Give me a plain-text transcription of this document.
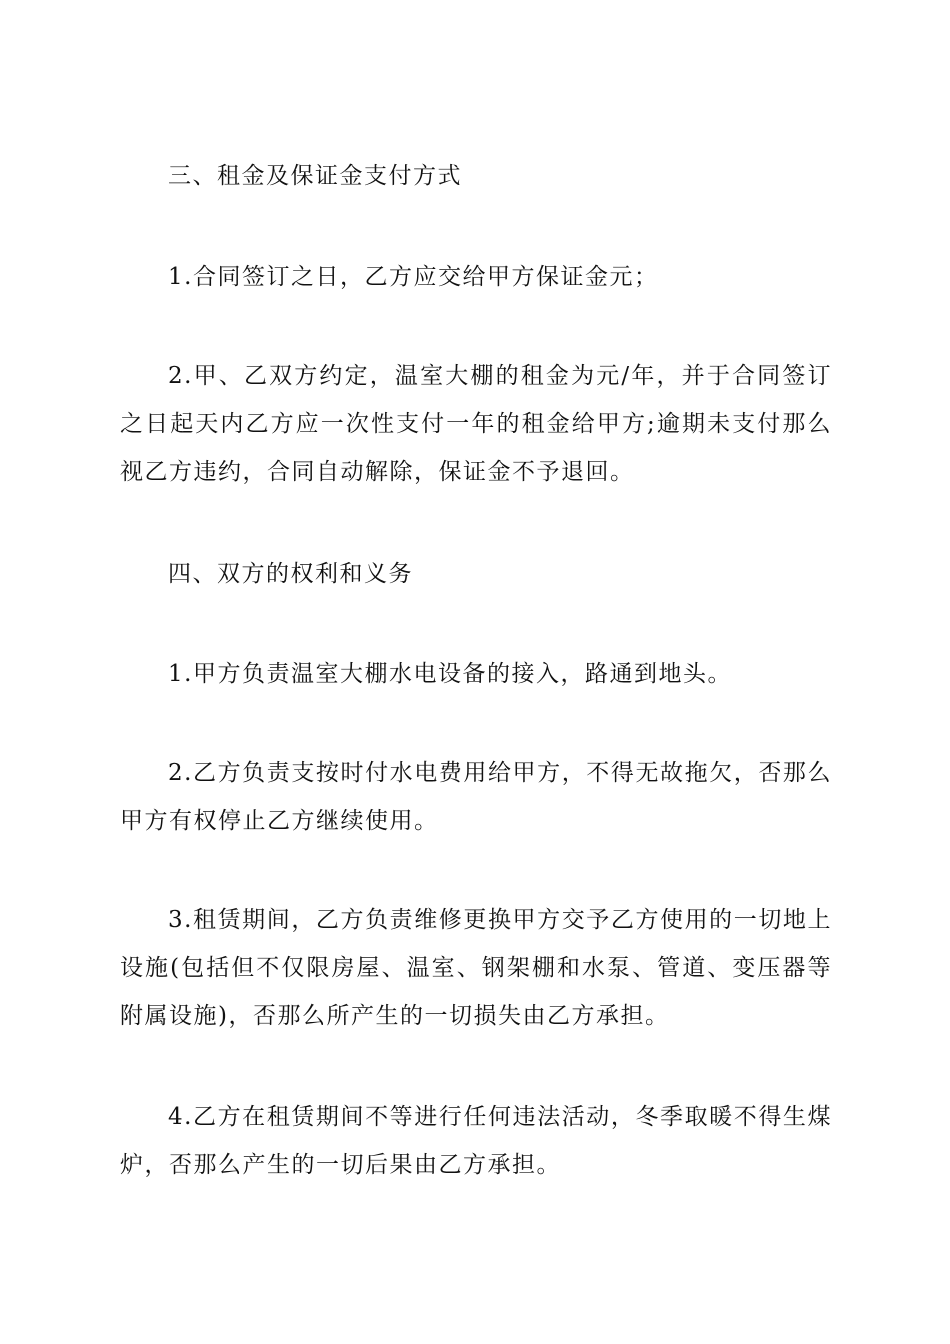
三、租金及保证金支付方式

1.合同签订之日，乙方应交给甲方保证金元；

2.甲、乙双方约定，温室大棚的租金为元/年，并于合同签订之日起天内乙方应一次性支付一年的租金给甲方;逾期未支付那么视乙方违约，合同自动解除，保证金不予退回。

四、双方的权利和义务

1.甲方负责温室大棚水电设备的接入，路通到地头。

2.乙方负责支按时付水电费用给甲方，不得无故拖欠，否那么甲方有权停止乙方继续使用。

3.租赁期间，乙方负责维修更换甲方交予乙方使用的一切地上设施(包括但不仅限房屋、温室、钢架棚和水泵、管道、变压器等附属设施)，否那么所产生的一切损失由乙方承担。

4.乙方在租赁期间不等进行任何违法活动，冬季取暖不得生煤炉，否那么产生的一切后果由乙方承担。
